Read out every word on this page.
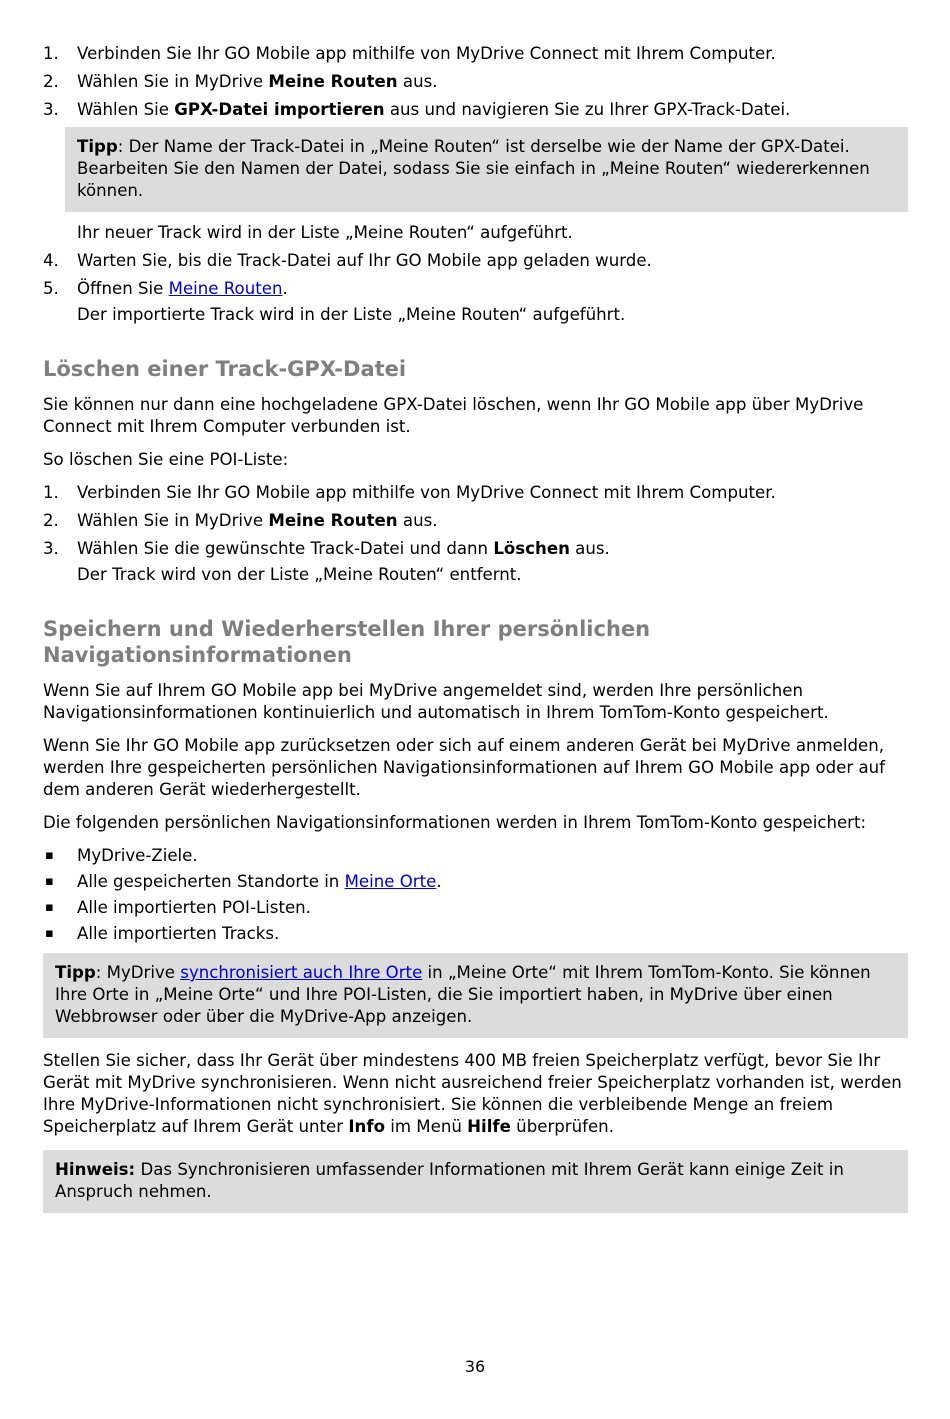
1. Verbinden Sie Ihr GO Mobile app mithilfe von MyDrive Connect mit Ihrem Computer.
2. Wählen Sie in MyDrive Meine Routen aus.
3. Wählen Sie GPX-Datei importieren aus und navigieren Sie zu Ihrer GPX-Track-Datei.
Tipp: Der Name der Track-Datei in „Meine Routen“ ist derselbe wie der Name der GPX-Datei. Bearbeiten Sie den Namen der Datei, sodass Sie sie einfach in „Meine Routen“ wiedererkennen können.
Ihr neuer Track wird in der Liste „Meine Routen“ aufgeführt.
4. Warten Sie, bis die Track-Datei auf Ihr GO Mobile app geladen wurde.
5. Öffnen Sie Meine Routen.
Der importierte Track wird in der Liste „Meine Routen“ aufgeführt.
Löschen einer Track-GPX-Datei

Sie können nur dann eine hochgeladene GPX-Datei löschen, wenn Ihr GO Mobile app über MyDrive Connect mit Ihrem Computer verbunden ist.

So löschen Sie eine POI-Liste:

1. Verbinden Sie Ihr GO Mobile app mithilfe von MyDrive Connect mit Ihrem Computer.
2. Wählen Sie in MyDrive Meine Routen aus.
3. Wählen Sie die gewünschte Track-Datei und dann Löschen aus.
Der Track wird von der Liste „Meine Routen“ entfernt.
Speichern und Wiederherstellen Ihrer persönlichen Navigationsinformationen

Wenn Sie auf Ihrem GO Mobile app bei MyDrive angemeldet sind, werden Ihre persönlichen Navigationsinformationen kontinuierlich und automatisch in Ihrem TomTom-Konto gespeichert.

Wenn Sie Ihr GO Mobile app zurücksetzen oder sich auf einem anderen Gerät bei MyDrive anmelden, werden Ihre gespeicherten persönlichen Navigationsinformationen auf Ihrem GO Mobile app oder auf dem anderen Gerät wiederhergestellt.

Die folgenden persönlichen Navigationsinformationen werden in Ihrem TomTom-Konto gespeichert:

▪ MyDrive-Ziele.
▪ Alle gespeicherten Standorte in Meine Orte.
▪ Alle importierten POI-Listen.
▪ Alle importierten Tracks.
Tipp: MyDrive synchronisiert auch Ihre Orte in „Meine Orte“ mit Ihrem TomTom-Konto. Sie können Ihre Orte in „Meine Orte“ und Ihre POI-Listen, die Sie importiert haben, in MyDrive über einen Webbrowser oder über die MyDrive-App anzeigen.

Stellen Sie sicher, dass Ihr Gerät über mindestens 400 MB freien Speicherplatz verfügt, bevor Sie Ihr Gerät mit MyDrive synchronisieren. Wenn nicht ausreichend freier Speicherplatz vorhanden ist, werden Ihre MyDrive-Informationen nicht synchronisiert. Sie können die verbleibende Menge an freiem Speicherplatz auf Ihrem Gerät unter Info im Menü Hilfe überprüfen.

Hinweis: Das Synchronisieren umfassender Informationen mit Ihrem Gerät kann einige Zeit in Anspruch nehmen.
36
